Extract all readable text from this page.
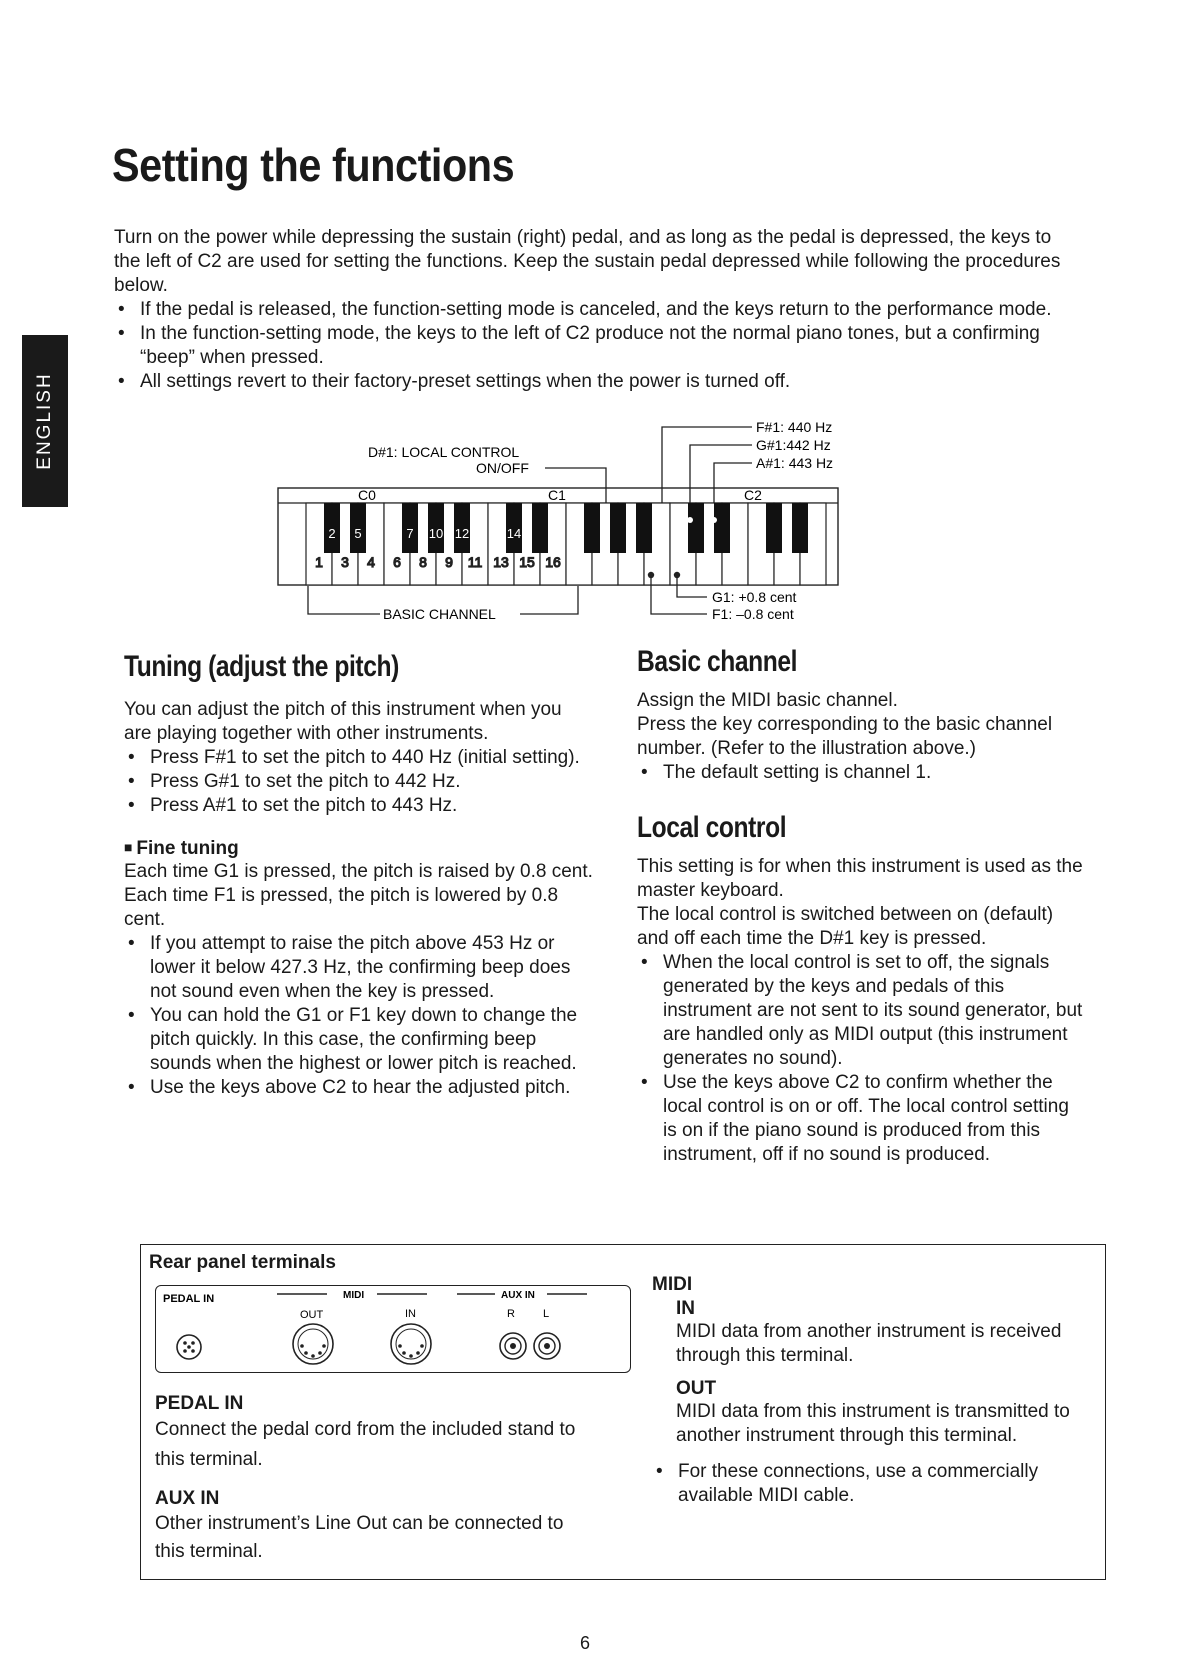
Setting the functions
ENGLISH
Turn on the power while depressing the sustain (right) pedal, and as long as the pedal is depressed, the keys to the left of C2 are used for setting the functions. Keep the sustain pedal depressed while following the procedures below.
• If the pedal is released, the function-setting mode is canceled, and the keys return to the performance mode.
• In the function-setting mode, the keys to the left of C2 produce not the normal piano tones, but a confirming “beep” when pressed.
• All settings revert to their factory-preset settings when the power is turned off.
D#1: LOCAL CONTROL
ON/OFF
F#1: 440 Hz
G#1:442 Hz
A#1: 443 Hz
C0	C1	C2
1 3 4 6 8 9 11 13 15 16
2 5	7 10 12	14
BASIC CHANNEL
G1: +0.8 cent
F1: –0.8 cent
Tuning (adjust the pitch)
You can adjust the pitch of this instrument when you are playing together with other instruments.
• Press F#1 to set the pitch to 440 Hz (initial setting).
• Press G#1 to set the pitch to 442 Hz.
• Press A#1 to set the pitch to 443 Hz.
■ Fine tuning
Each time G1 is pressed, the pitch is raised by 0.8 cent.
Each time F1 is pressed, the pitch is lowered by 0.8 cent.
• If you attempt to raise the pitch above 453 Hz or lower it below 427.3 Hz, the confirming beep does not sound even when the key is pressed.
• You can hold the G1 or F1 key down to change the pitch quickly. In this case, the confirming beep sounds when the highest or lower pitch is reached.
• Use the keys above C2 to hear the adjusted pitch.
Basic channel
Assign the MIDI basic channel.
Press the key corresponding to the basic channel number. (Refer to the illustration above.)
• The default setting is channel 1.
Local control
This setting is for when this instrument is used as the master keyboard.
The local control is switched between on (default) and off each time the D#1 key is pressed.
• When the local control is set to off, the signals generated by the keys and pedals of this instrument are not sent to its sound generator, but are handled only as MIDI output (this instrument generates no sound).
• Use the keys above C2 to confirm whether the local control is on or off. The local control setting is on if the piano sound is produced from this instrument, off if no sound is produced.
Rear panel terminals
PEDAL IN	MIDI	AUX IN
OUT	IN	R	L
PEDAL IN
Connect the pedal cord from the included stand to this terminal.
AUX IN
Other instrument’s Line Out can be connected to this terminal.
MIDI
IN
MIDI data from another instrument is received through this terminal.
OUT
MIDI data from this instrument is transmitted to another instrument through this terminal.
• For these connections, use a commercially available MIDI cable.
6
